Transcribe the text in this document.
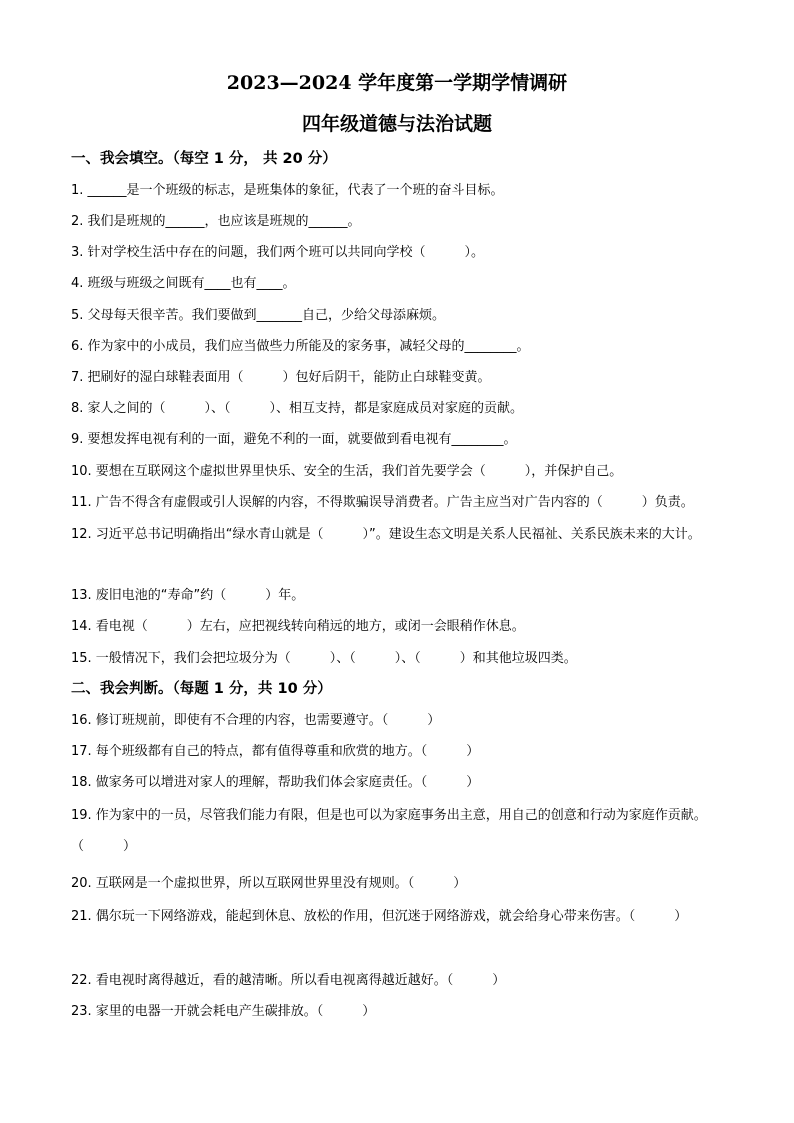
2023—2024 学年度第一学期学情调研
四年级道德与法治试题
一、我会填空。（每空 1 分， 共 20 分）
1. ______是一个班级的标志，是班集体的象征，代表了一个班的奋斗目标。
2. 我们是班规的______，也应该是班规的______。
3. 针对学校生活中存在的问题，我们两个班可以共同向学校（　　　）。
4. 班级与班级之间既有____也有____。
5. 父母每天很辛苦。我们要做到_______自己，少给父母添麻烦。
6. 作为家中的小成员，我们应当做些力所能及的家务事，减轻父母的________。
7. 把刷好的湿白球鞋表面用（　　　）包好后阴干，能防止白球鞋变黄。
8. 家人之间的（　　　）、（　　　）、相互支持，都是家庭成员对家庭的贡献。
9. 要想发挥电视有利的一面，避免不利的一面，就要做到看电视有________。
10. 要想在互联网这个虚拟世界里快乐、安全的生活，我们首先要学会（　　　），并保护自己。
11. 广告不得含有虚假或引人误解的内容，不得欺骗误导消费者。广告主应当对广告内容的（　　　）负责。
12. 习近平总书记明确指出“绿水青山就是（　　　）”。建设生态文明是关系人民福祉、关系民族未来的大计。
13. 废旧电池的“寿命”约（　　　）年。
14. 看电视（　　　）左右，应把视线转向稍远的地方，或闭一会眼稍作休息。
15. 一般情况下，我们会把垃圾分为（　　　）、（　　　）、（　　　）和其他垃圾四类。
二、我会判断。（每题 1 分，共 10 分）
16. 修订班规前，即使有不合理的内容，也需要遵守。（　　　）
17. 每个班级都有自己的特点，都有值得尊重和欣赏的地方。（　　　）
18. 做家务可以增进对家人的理解，帮助我们体会家庭责任。（　　　）
19. 作为家中的一员，尽管我们能力有限，但是也可以为家庭事务出主意，用自己的创意和行动为家庭作贡献。（　　　）
20. 互联网是一个虚拟世界，所以互联网世界里没有规则。（　　　）
21. 偶尔玩一下网络游戏，能起到休息、放松的作用，但沉迷于网络游戏，就会给身心带来伤害。（　　　）
22. 看电视时离得越近，看的越清晰。所以看电视离得越近越好。（　　　）
23. 家里的电器一开就会耗电产生碳排放。（　　　）
